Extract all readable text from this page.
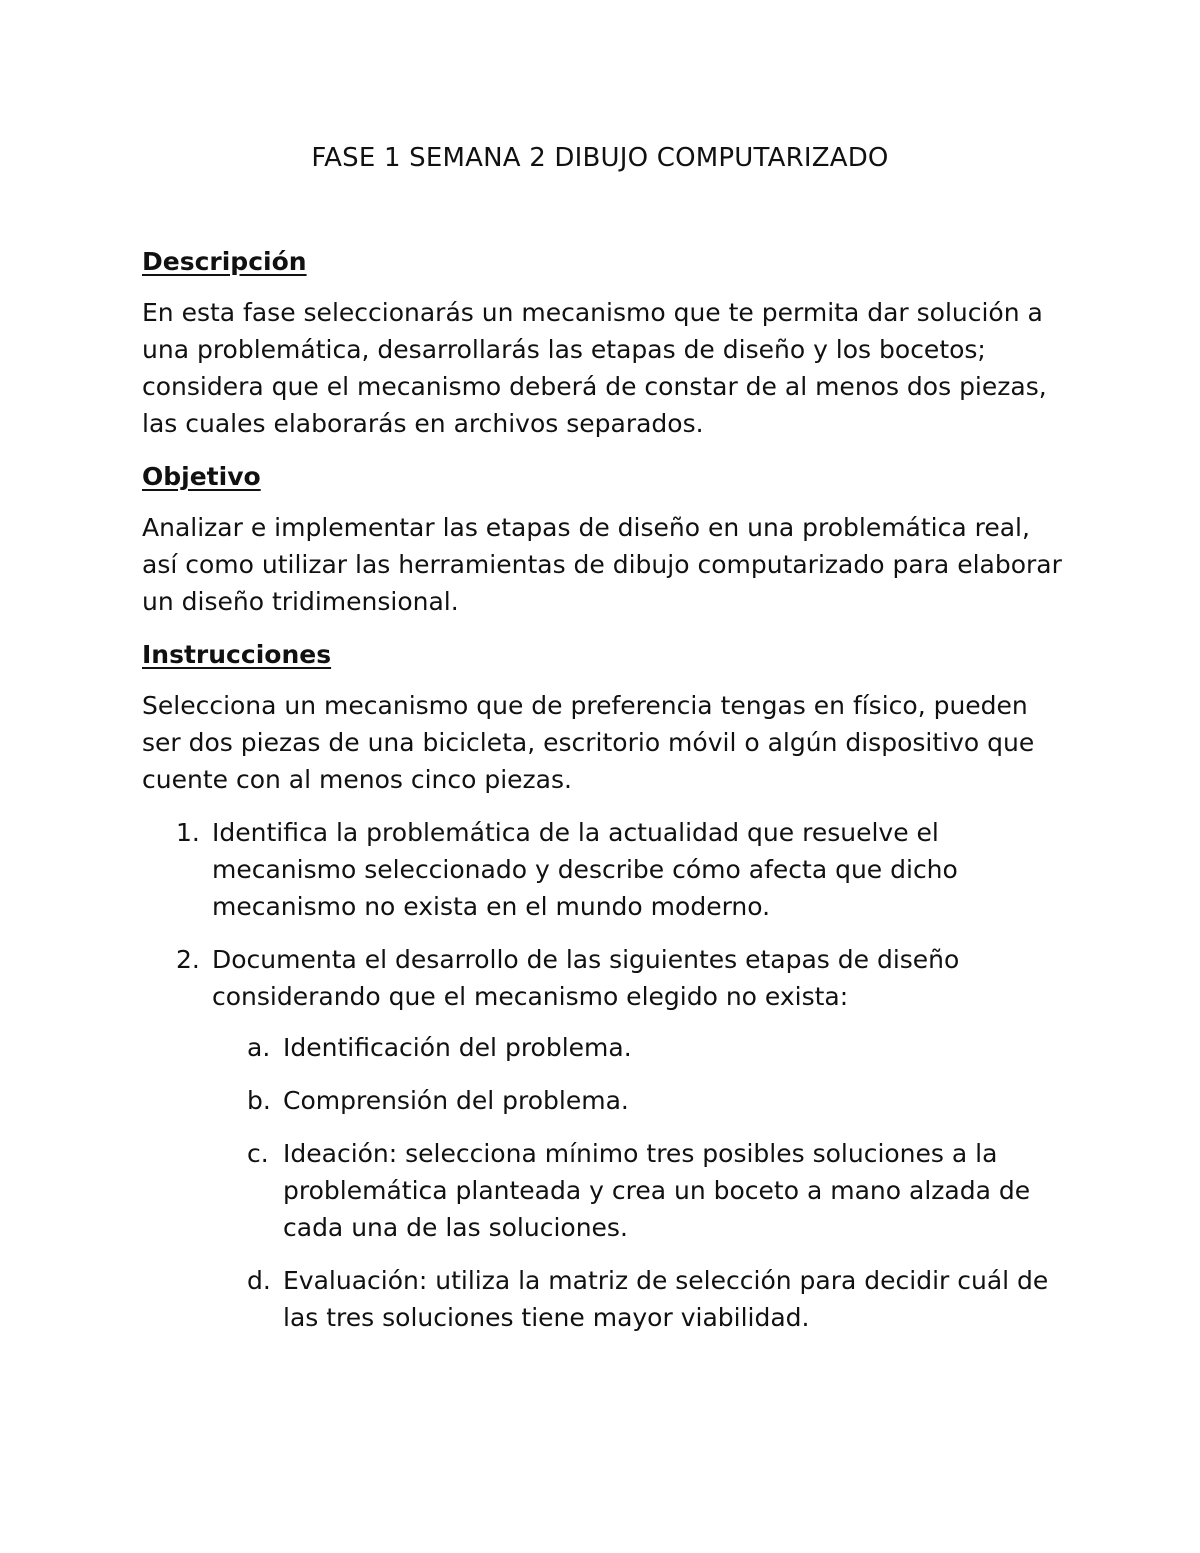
FASE 1 SEMANA 2 DIBUJO COMPUTARIZADO
Descripción

En esta fase seleccionarás un mecanismo que te permita dar solución a una problemática, desarrollarás las etapas de diseño y los bocetos; considera que el mecanismo deberá de constar de al menos dos piezas, las cuales elaborarás en archivos separados.

Objetivo

Analizar e implementar las etapas de diseño en una problemática real, así como utilizar las herramientas de dibujo computarizado para elaborar un diseño tridimensional.

Instrucciones

Selecciona un mecanismo que de preferencia tengas en físico, pueden ser dos piezas de una bicicleta, escritorio móvil o algún dispositivo que cuente con al menos cinco piezas.

1. Identifica la problemática de la actualidad que resuelve el mecanismo seleccionado y describe cómo afecta que dicho mecanismo no exista en el mundo moderno.
2. Documenta el desarrollo de las siguientes etapas de diseño considerando que el mecanismo elegido no exista:
a. Identificación del problema.
b. Comprensión del problema.
c. Ideación: selecciona mínimo tres posibles soluciones a la problemática planteada y crea un boceto a mano alzada de cada una de las soluciones.
d. Evaluación: utiliza la matriz de selección para decidir cuál de las tres soluciones tiene mayor viabilidad.
